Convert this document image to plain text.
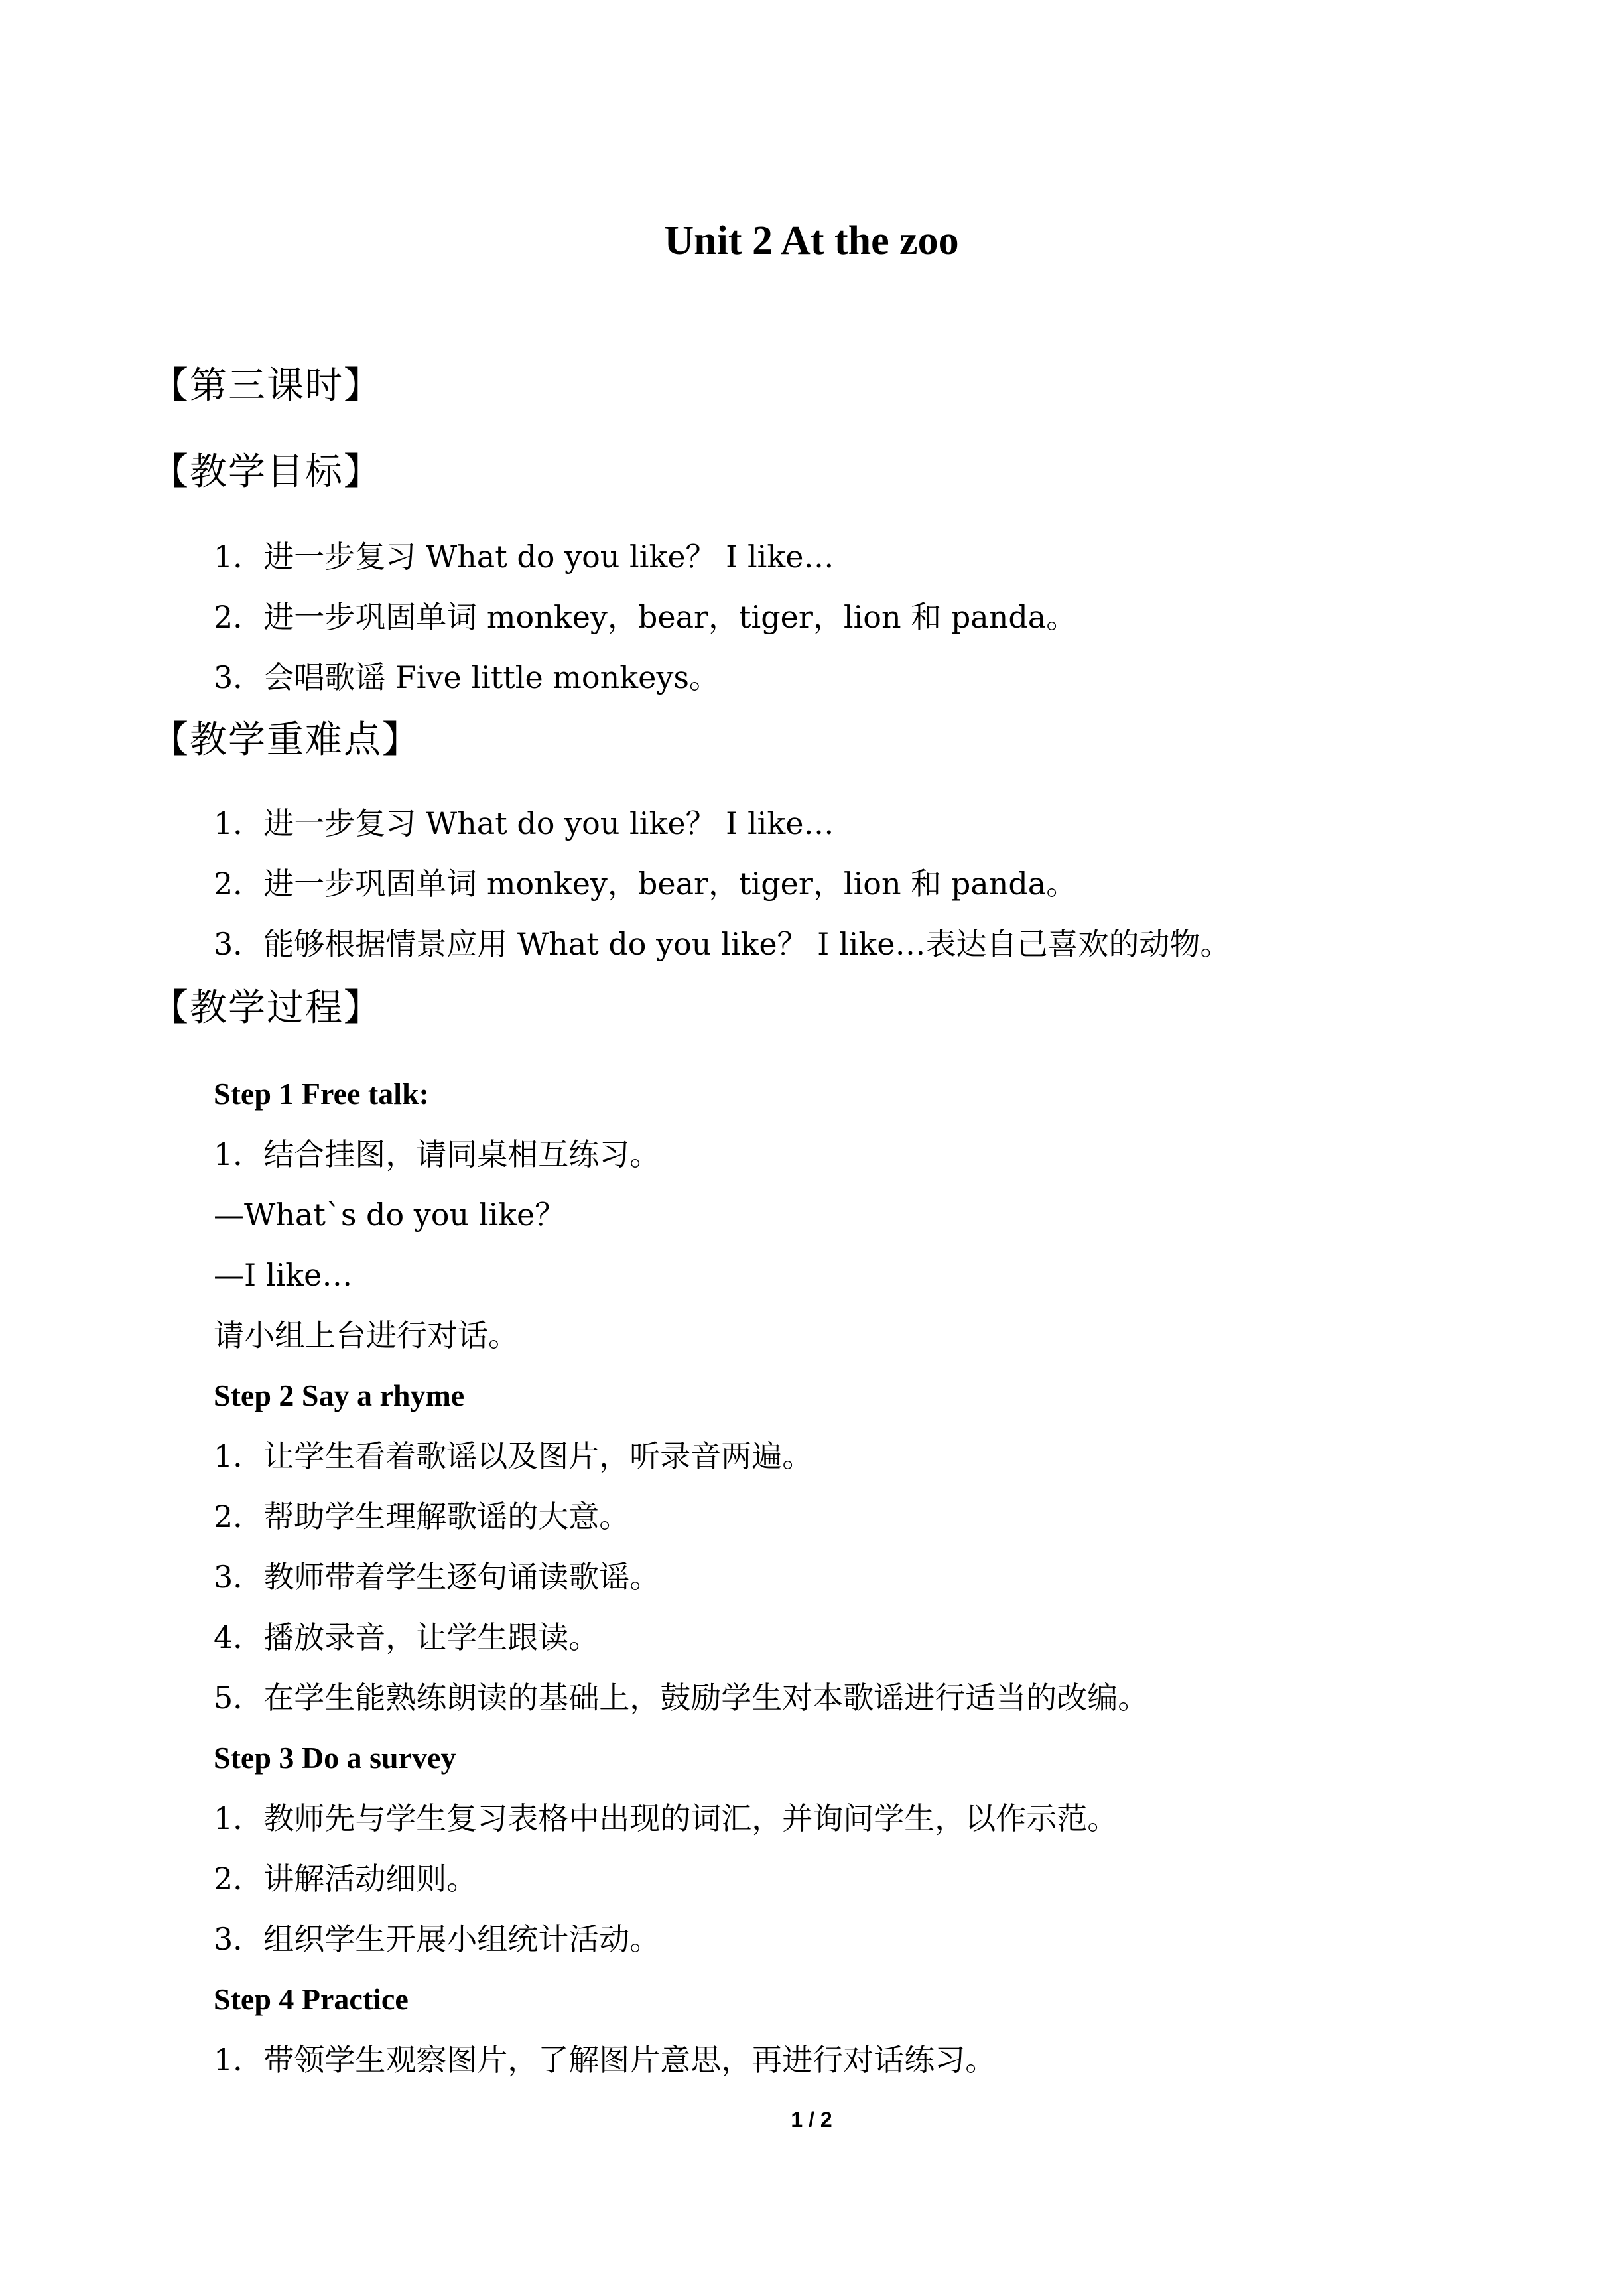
Unit 2 At the zoo
【第三课时】
【教学目标】
1．进一步复习 What do you like？ I like…
2．进一步巩固单词 monkey，bear，tiger，lion 和 panda。
3．会唱歌谣 Five little monkeys。
【教学重难点】
1．进一步复习 What do you like？ I like…
2．进一步巩固单词 monkey，bear，tiger，lion 和 panda。
3．能够根据情景应用 What do you like？ I like…表达自己喜欢的动物。
【教学过程】
Step 1 Free talk:
1．结合挂图，请同桌相互练习。
—What`s do you like？
—I like…
请小组上台进行对话。
Step 2 Say a rhyme
1．让学生看着歌谣以及图片，听录音两遍。
2．帮助学生理解歌谣的大意。
3．教师带着学生逐句诵读歌谣。
4．播放录音，让学生跟读。
5．在学生能熟练朗读的基础上，鼓励学生对本歌谣进行适当的改编。
Step 3 Do a survey
1．教师先与学生复习表格中出现的词汇，并询问学生，以作示范。
2．讲解活动细则。
3．组织学生开展小组统计活动。
Step 4 Practice
1．带领学生观察图片，了解图片意思，再进行对话练习。
1 / 2
